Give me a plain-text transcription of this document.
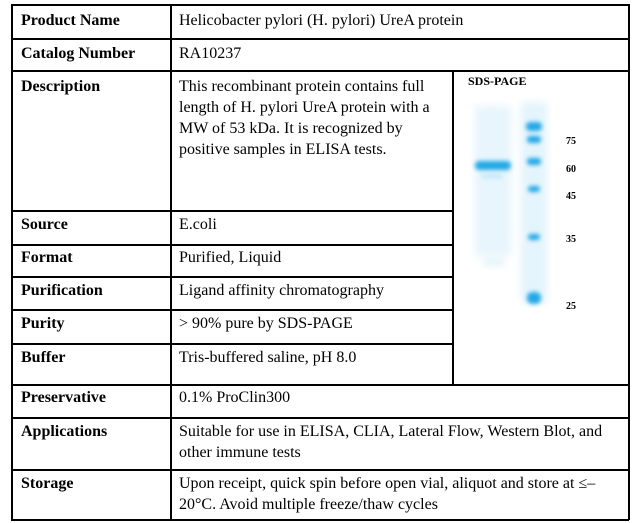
Product Name
Catalog Number
Description
Source
Format
Purification
Purity
Buffer
Preservative
Applications
Storage
Helicobacter pylori (H. pylori) UreA protein
RA10237
This recombinant protein contains full length of H. pylori UreA protein with a MW of 53 kDa. It is recognized by positive samples in ELISA tests.
E.coli
Purified, Liquid
Ligand affinity chromatography
> 90% pure by SDS-PAGE
Tris-buffered saline, pH 8.0
0.1% ProClin300
Suitable for use in ELISA, CLIA, Lateral Flow, Western Blot, and other immune tests
Upon receipt, quick spin before open vial, aliquot and store at ≤–20°C. Avoid multiple freeze/thaw cycles
SDS-PAGE
75
60
45
35
25
